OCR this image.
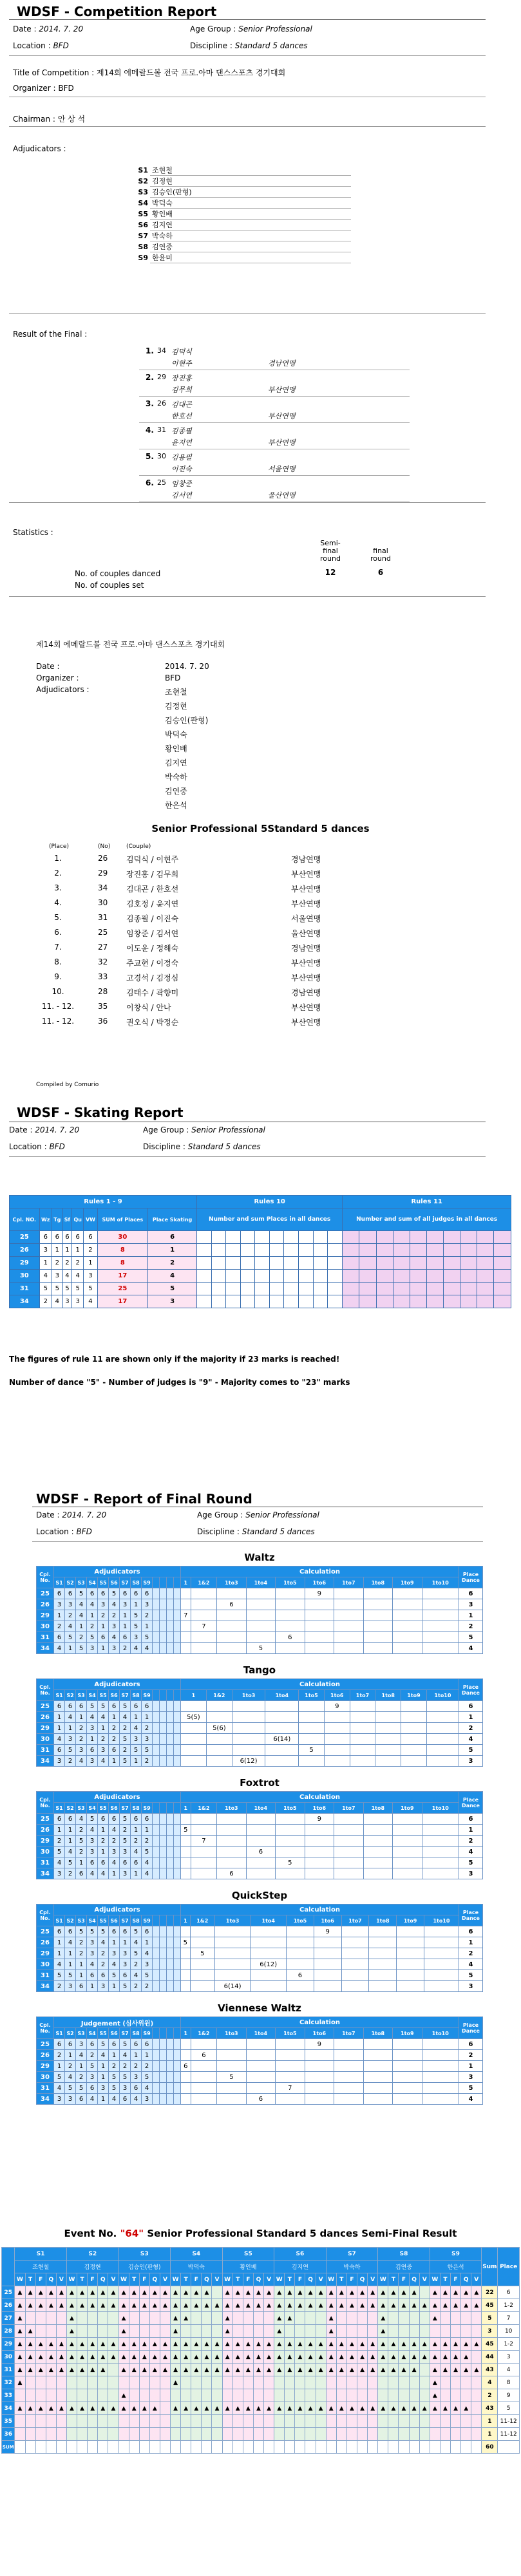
WDSF - Competition Report
Date : 2014. 7. 20	Age Group : Senior Professional
Location : BFD	Discipline : Standard 5 dances
Title of Competition : 제14회 에메랄드볼 전국 프로.아마 댄스스포츠 경기대회
Organizer : BFD
Chairman : 안 상 석
Adjudicators :
S1	조현철
S2	김정현
S3	김승인(판형)
S4	박덕숙
S5	황인배
S6	김지연
S7	박숙하
S8	김연중
S9	한윤미
Result of the Final :
1. 34 김덕식
이현주	경남연맹
2. 29 장진홍
김무희	부산연맹
3. 26 김대곤
한호선	부산연맹
4. 31 김종필
윤지연	부산연맹
5. 30 김용필
이진숙	서울연맹
6. 25 임창준
김서연	울산연맹
Statistics :
Semi-
final
round
final
round
No. of couples danced	12	6
No. of couples set
제14회 에메랄드볼 전국 프로.아마 댄스스포츠 경기대회
Date :	2014. 7. 20
Organizer :	BFD
Adjudicators :	조현철
김정현
김승인(판형)
박덕숙
황인배
김지연
박숙하
김연중
한은석
Senior Professional 5Standard 5 dances
(Place)	(No)	(Couple)
1.	26 김덕식 / 이현주	경남연맹
2.	29 장진홍 / 김무희	부산연맹
3.	34 김대곤 / 한호선	부산연맹
4.	30 김호정 / 윤지연	부산연맹
5.	31 김종필 / 이진숙	서울연맹
6.	25 임창준 / 김서연	울산연맹
7.	27 이도윤 / 정해숙	경남연맹
8.	32 주교현 / 이정숙	부산연맹
9.	33 고경석 / 김정심	부산연맹
10.	28 김태수 / 곽향미	경남연맹
11. - 12.	35 이창식 / 안나	부산연맹
11. - 12.	36 권오식 / 박정순	부산연맹
Compiled by Comurio
WDSF - Skating Report
Date : 2014. 7. 20	Age Group : Senior Professional
Location : BFD	Discipline : Standard 5 dances
Rules 1 - 9								Rules 10										Rules 11									
Cpl. NO.	Wz	Tg	Sf	Qu	VW	SUM of Places	Place Skating	Number and sum Places in all dances										Number and sum of all judges in all dances									
25	6	6	6	6	6	30	6																				
26	3	1	1	1	2	8	1																				
29	1	2	2	2	1	8	2																				
30	4	3	4	4	3	17	4																				
31	5	5	5	5	5	25	5																				
34	2	4	3	3	4	17	3																				
The figures of rule 11 are shown only if the majority if 23 marks is reached!
Number of dance "5" - Number of judges is "9" - Majority comes to "23" marks
WDSF - Report of Final Round
Date : 2014. 7. 20	Age Group : Senior Professional
Location : BFD	Discipline : Standard 5 dances
Waltz
Cpl. No.	Adjudicators													Calculation										Place Dance
	S1	S2	S3	S4	S5	S6	S7	S8	S9					1	1&2	1to3	1to4	1to5	1to6	1to7	1to8	1to9	1to10	
25	6	6	5	6	6	5	6	6	6										9					6
26	3	3	4	4	3	4	3	1	3							6								3
29	1	2	4	1	2	2	1	5	2					7										1
30	2	4	1	2	1	3	1	5	1						7									2
31	6	5	2	5	6	4	6	3	5									6						5
34	4	1	5	3	1	3	2	4	4								5							4
Tango
Cpl. No.	Adjudicators													Calculation										Place Dance
	S1	S2	S3	S4	S5	S6	S7	S8	S9					1	1&2	1to3	1to4	1to5	1to6	1to7	1to8	1to9	1to10	
25	6	6	6	5	5	6	5	6	6										9					6
26	1	4	1	4	4	1	4	1	1					5(5)										1
29	1	1	2	3	1	2	2	4	2						5(6)									2
30	4	3	2	1	2	2	5	3	3								6(14)							4
31	6	5	3	6	3	6	2	5	5									5						5
34	3	2	4	3	4	1	5	1	2							6(12)								3
Foxtrot
Cpl. No.	Adjudicators													Calculation										Place Dance
	S1	S2	S3	S4	S5	S6	S7	S8	S9					1	1&2	1to3	1to4	1to5	1to6	1to7	1to8	1to9	1to10	
25	6	6	4	5	6	6	5	6	6										9					6
26	1	1	2	4	1	4	2	1	1					5										1
29	2	1	5	3	2	2	5	2	2						7									2
30	5	4	2	3	1	3	3	4	5								6							4
31	4	5	1	6	6	4	6	6	4									5						5
34	3	2	6	4	4	1	3	1	4							6								3
QuickStep
Cpl. No.	Adjudicators													Calculation										Place Dance
	S1	S2	S3	S4	S5	S6	S7	S8	S9					1	1&2	1to3	1to4	1to5	1to6	1to7	1to8	1to9	1to10	
25	6	6	5	5	5	6	6	5	6										9					6
26	1	4	2	3	4	1	1	4	1					5										1
29	1	1	2	3	2	3	3	5	4						5									2
30	4	1	1	4	2	4	3	2	3								6(12)							4
31	5	5	1	6	6	5	6	4	5									6						5
34	2	3	6	1	3	1	5	2	2							6(14)								3
Viennese Waltz
Cpl. No.	Judgement (심사위원)													Calculation										Place Dance
	S1	S2	S3	S4	S5	S6	S7	S8	S9					1	1&2	1to3	1to4	1to5	1to6	1to7	1to8	1to9	1to10	
25	6	6	3	6	5	6	5	6	6										9					6
26	2	1	4	2	4	1	4	1	1						6									2
29	1	2	1	5	1	2	2	2	2					6										1
30	5	4	2	3	1	5	5	3	5							5								3
31	4	5	5	6	3	5	3	6	4									7						5
34	3	3	6	4	1	4	6	4	3								6							4
Event No. "64" Senior Professional Standard 5 dances Semi-Final Result
	S1					S2					S3					S4					S5					S6					S7					S8					S9					Sum	Place
	조현철					김정현					김승인(판형)					박덕숙					황인배					김지연					박숙하					김연중					한은석						
	W	T	F	Q	V	W	T	F	Q	V	W	T	F	Q	V	W	T	F	Q	V	W	T	F	Q	V	W	T	F	Q	V	W	T	F	Q	V	W	T	F	Q	V	W	T	F	Q	V		
25	▲	▲	▲	▲	▲	▲	▲	▲	▲	▲	▲	▲	▲	▲	▲	▲	▲	▲	▲		▲	▲	▲	▲	▲	▲	▲	▲	▲	▲	▲	▲	▲	▲	▲	▲	▲	▲	▲		▲	▲	▲	▲	▲	22	6
26	▲	▲	▲	▲	▲	▲	▲	▲	▲	▲	▲	▲	▲	▲	▲	▲	▲	▲	▲	▲	▲	▲	▲	▲	▲	▲	▲	▲	▲	▲	▲	▲	▲	▲	▲	▲	▲	▲	▲	▲	▲	▲	▲	▲	▲	45	1-2
27	▲					▲					▲					▲	▲				▲					▲	▲				▲					▲					▲					5	7
28	▲	▲				▲					▲					▲					▲					▲					▲					▲										3	10
29	▲	▲	▲	▲	▲	▲	▲	▲	▲	▲	▲	▲	▲	▲	▲	▲	▲	▲	▲	▲	▲	▲	▲	▲	▲	▲	▲	▲	▲	▲	▲	▲	▲	▲	▲	▲	▲	▲	▲	▲	▲	▲	▲	▲	▲	45	1-2
30	▲	▲	▲	▲	▲	▲	▲	▲	▲	▲	▲	▲	▲	▲	▲	▲	▲	▲	▲	▲	▲	▲	▲	▲	▲	▲	▲	▲	▲	▲	▲	▲	▲	▲	▲	▲	▲	▲	▲	▲	▲	▲	▲	▲		44	3
31	▲	▲	▲	▲	▲	▲	▲	▲	▲		▲	▲	▲	▲	▲	▲	▲	▲	▲	▲	▲	▲	▲	▲	▲	▲	▲	▲	▲	▲	▲	▲	▲	▲	▲	▲	▲	▲	▲		▲	▲	▲	▲	▲	43	4
32	▲															▲																									▲					4	8
33											▲																														▲					2	9
34	▲	▲	▲	▲	▲	▲	▲	▲	▲	▲	▲	▲	▲	▲		▲	▲	▲	▲	▲	▲	▲	▲	▲	▲	▲	▲	▲	▲	▲	▲	▲	▲	▲	▲	▲	▲	▲	▲	▲	▲	▲	▲	▲		43	5
35																																														1	11-12
36																																														1	11-12
SUM																																														60	
